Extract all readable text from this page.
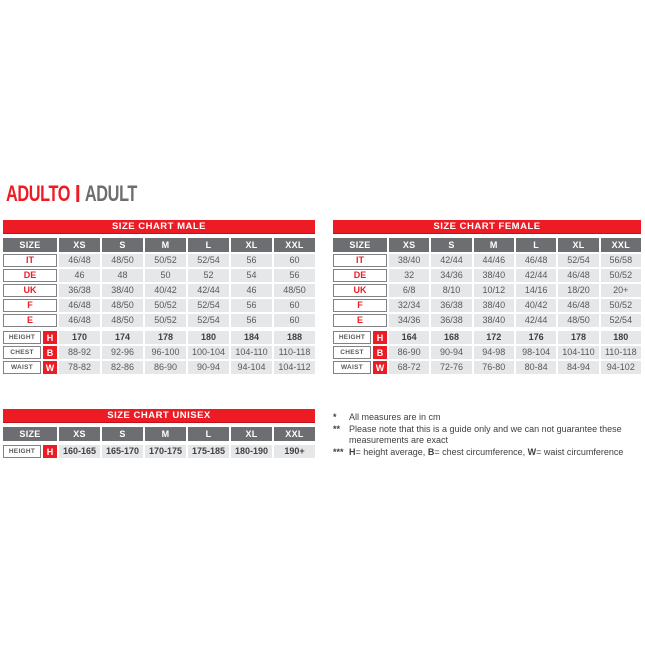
ADULTO ADULT
SIZE CHART MALE
SIZE	XS	S	M	L	XL	XXL
IT	46/48	48/50	50/52	52/54	56	60
DE	46	48	50	52	54	56
UK	36/38	38/40	40/42	42/44	46	48/50
F	46/48	48/50	50/52	52/54	56	60
E	46/48	48/50	50/52	52/54	56	60
HEIGHT	H	170	174	178	180	184	188
CHEST	B	88-92	92-96	96-100	100-104	104-110	110-118
WAIST	W	78-82	82-86	86-90	90-94	94-104	104-112
SIZE CHART FEMALE
SIZE	XS	S	M	L	XL	XXL
IT	38/40	42/44	44/46	46/48	52/54	56/58
DE	32	34/36	38/40	42/44	46/48	50/52
UK	6/8	8/10	10/12	14/16	18/20	20+
F	32/34	36/38	38/40	40/42	46/48	50/52
E	34/36	36/38	38/40	42/44	48/50	52/54
HEIGHT	H	164	168	172	176	178	180
CHEST	B	86-90	90-94	94-98	98-104	104-110	110-118
WAIST	W	68-72	72-76	76-80	80-84	84-94	94-102
SIZE CHART UNISEX
SIZE	XS	S	M	L	XL	XXL
HEIGHT	H	160-165	165-170	170-175	175-185	180-190	190+
*	All measures are in cm
** Please note that this is a guide only and we can not guarantee these measurements are exact
*** H= height average, B= chest circumference, W= waist circumference
